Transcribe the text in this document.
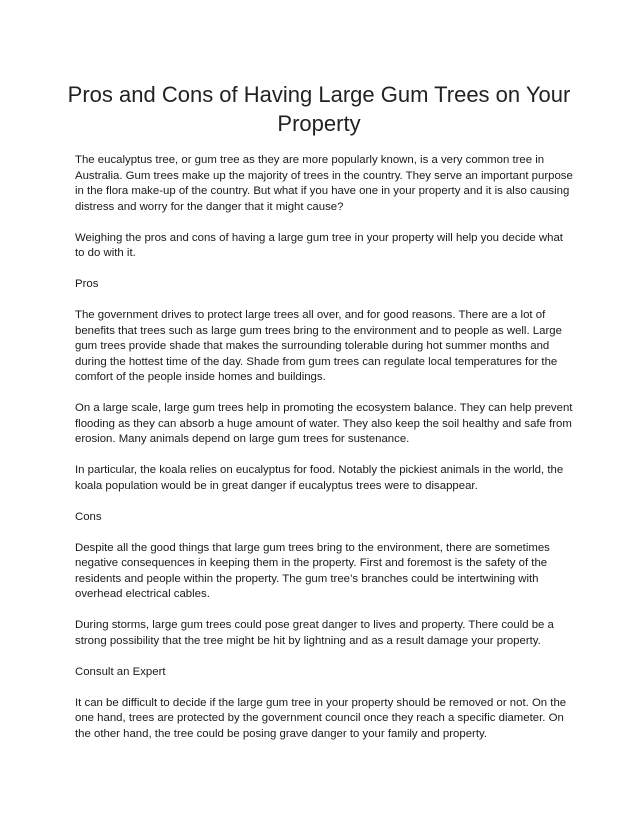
Pros and Cons of Having Large Gum Trees on Your Property

The eucalyptus tree, or gum tree as they are more popularly known, is a very common tree in Australia. Gum trees make up the majority of trees in the country. They serve an important purpose in the flora make-up of the country. But what if you have one in your property and it is also causing distress and worry for the danger that it might cause?

Weighing the pros and cons of having a large gum tree in your property will help you decide what to do with it.

Pros

The government drives to protect large trees all over, and for good reasons. There are a lot of benefits that trees such as large gum trees bring to the environment and to people as well. Large gum trees provide shade that makes the surrounding tolerable during hot summer months and during the hottest time of the day. Shade from gum trees can regulate local temperatures for the comfort of the people inside homes and buildings.

On a large scale, large gum trees help in promoting the ecosystem balance. They can help prevent flooding as they can absorb a huge amount of water. They also keep the soil healthy and safe from erosion. Many animals depend on large gum trees for sustenance.

In particular, the koala relies on eucalyptus for food. Notably the pickiest animals in the world, the koala population would be in great danger if eucalyptus trees were to disappear.

Cons

Despite all the good things that large gum trees bring to the environment, there are sometimes negative consequences in keeping them in the property. First and foremost is the safety of the residents and people within the property. The gum tree’s branches could be intertwining with overhead electrical cables.

During storms, large gum trees could pose great danger to lives and property. There could be a strong possibility that the tree might be hit by lightning and as a result damage your property.

Consult an Expert

It can be difficult to decide if the large gum tree in your property should be removed or not. On the one hand, trees are protected by the government council once they reach a specific diameter. On the other hand, the tree could be posing grave danger to your family and property.
